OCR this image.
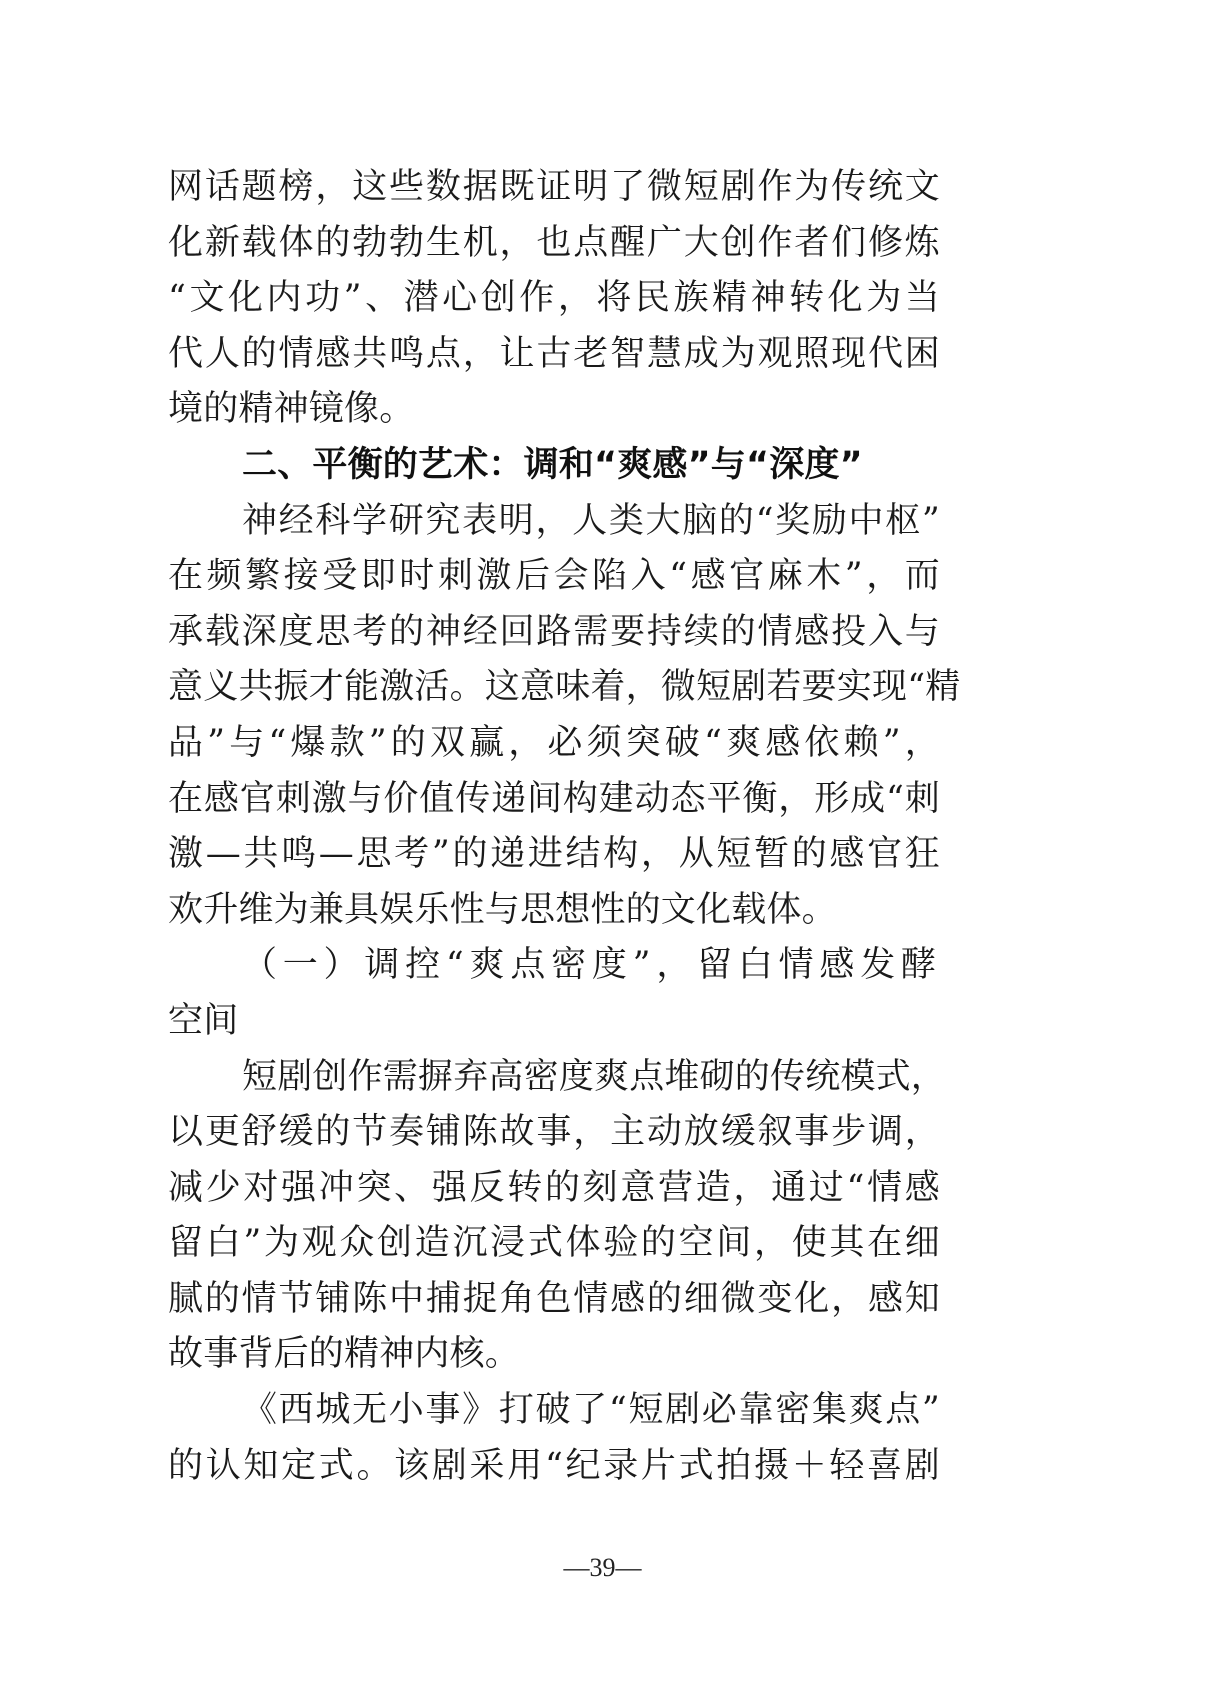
网话题榜，这些数据既证明了微短剧作为传统文
化新载体的勃勃生机，也点醒广大创作者们修炼
“文化内功”、潜心创作，将民族精神转化为当
代人的情感共鸣点，让古老智慧成为观照现代困
境的精神镜像。
二、平衡的艺术：调和“爽感”与“深度”
神经科学研究表明，人类大脑的“奖励中枢”
在频繁接受即时刺激后会陷入“感官麻木”，而
承载深度思考的神经回路需要持续的情感投入与
意义共振才能激活。这意味着，微短剧若要实现“精
品”与“爆款”的双赢，必须突破“爽感依赖”，
在感官刺激与价值传递间构建动态平衡，形成“刺
激—共鸣—思考”的递进结构，从短暂的感官狂
欢升维为兼具娱乐性与思想性的文化载体。
（一）调控“爽点密度”，留白情感发酵
空间
短剧创作需摒弃高密度爽点堆砌的传统模式，
以更舒缓的节奏铺陈故事，主动放缓叙事步调，
减少对强冲突、强反转的刻意营造，通过“情感
留白”为观众创造沉浸式体验的空间，使其在细
腻的情节铺陈中捕捉角色情感的细微变化，感知
故事背后的精神内核。
《西城无小事》打破了“短剧必靠密集爽点”
的认知定式。该剧采用“纪录片式拍摄＋轻喜剧
—39—
